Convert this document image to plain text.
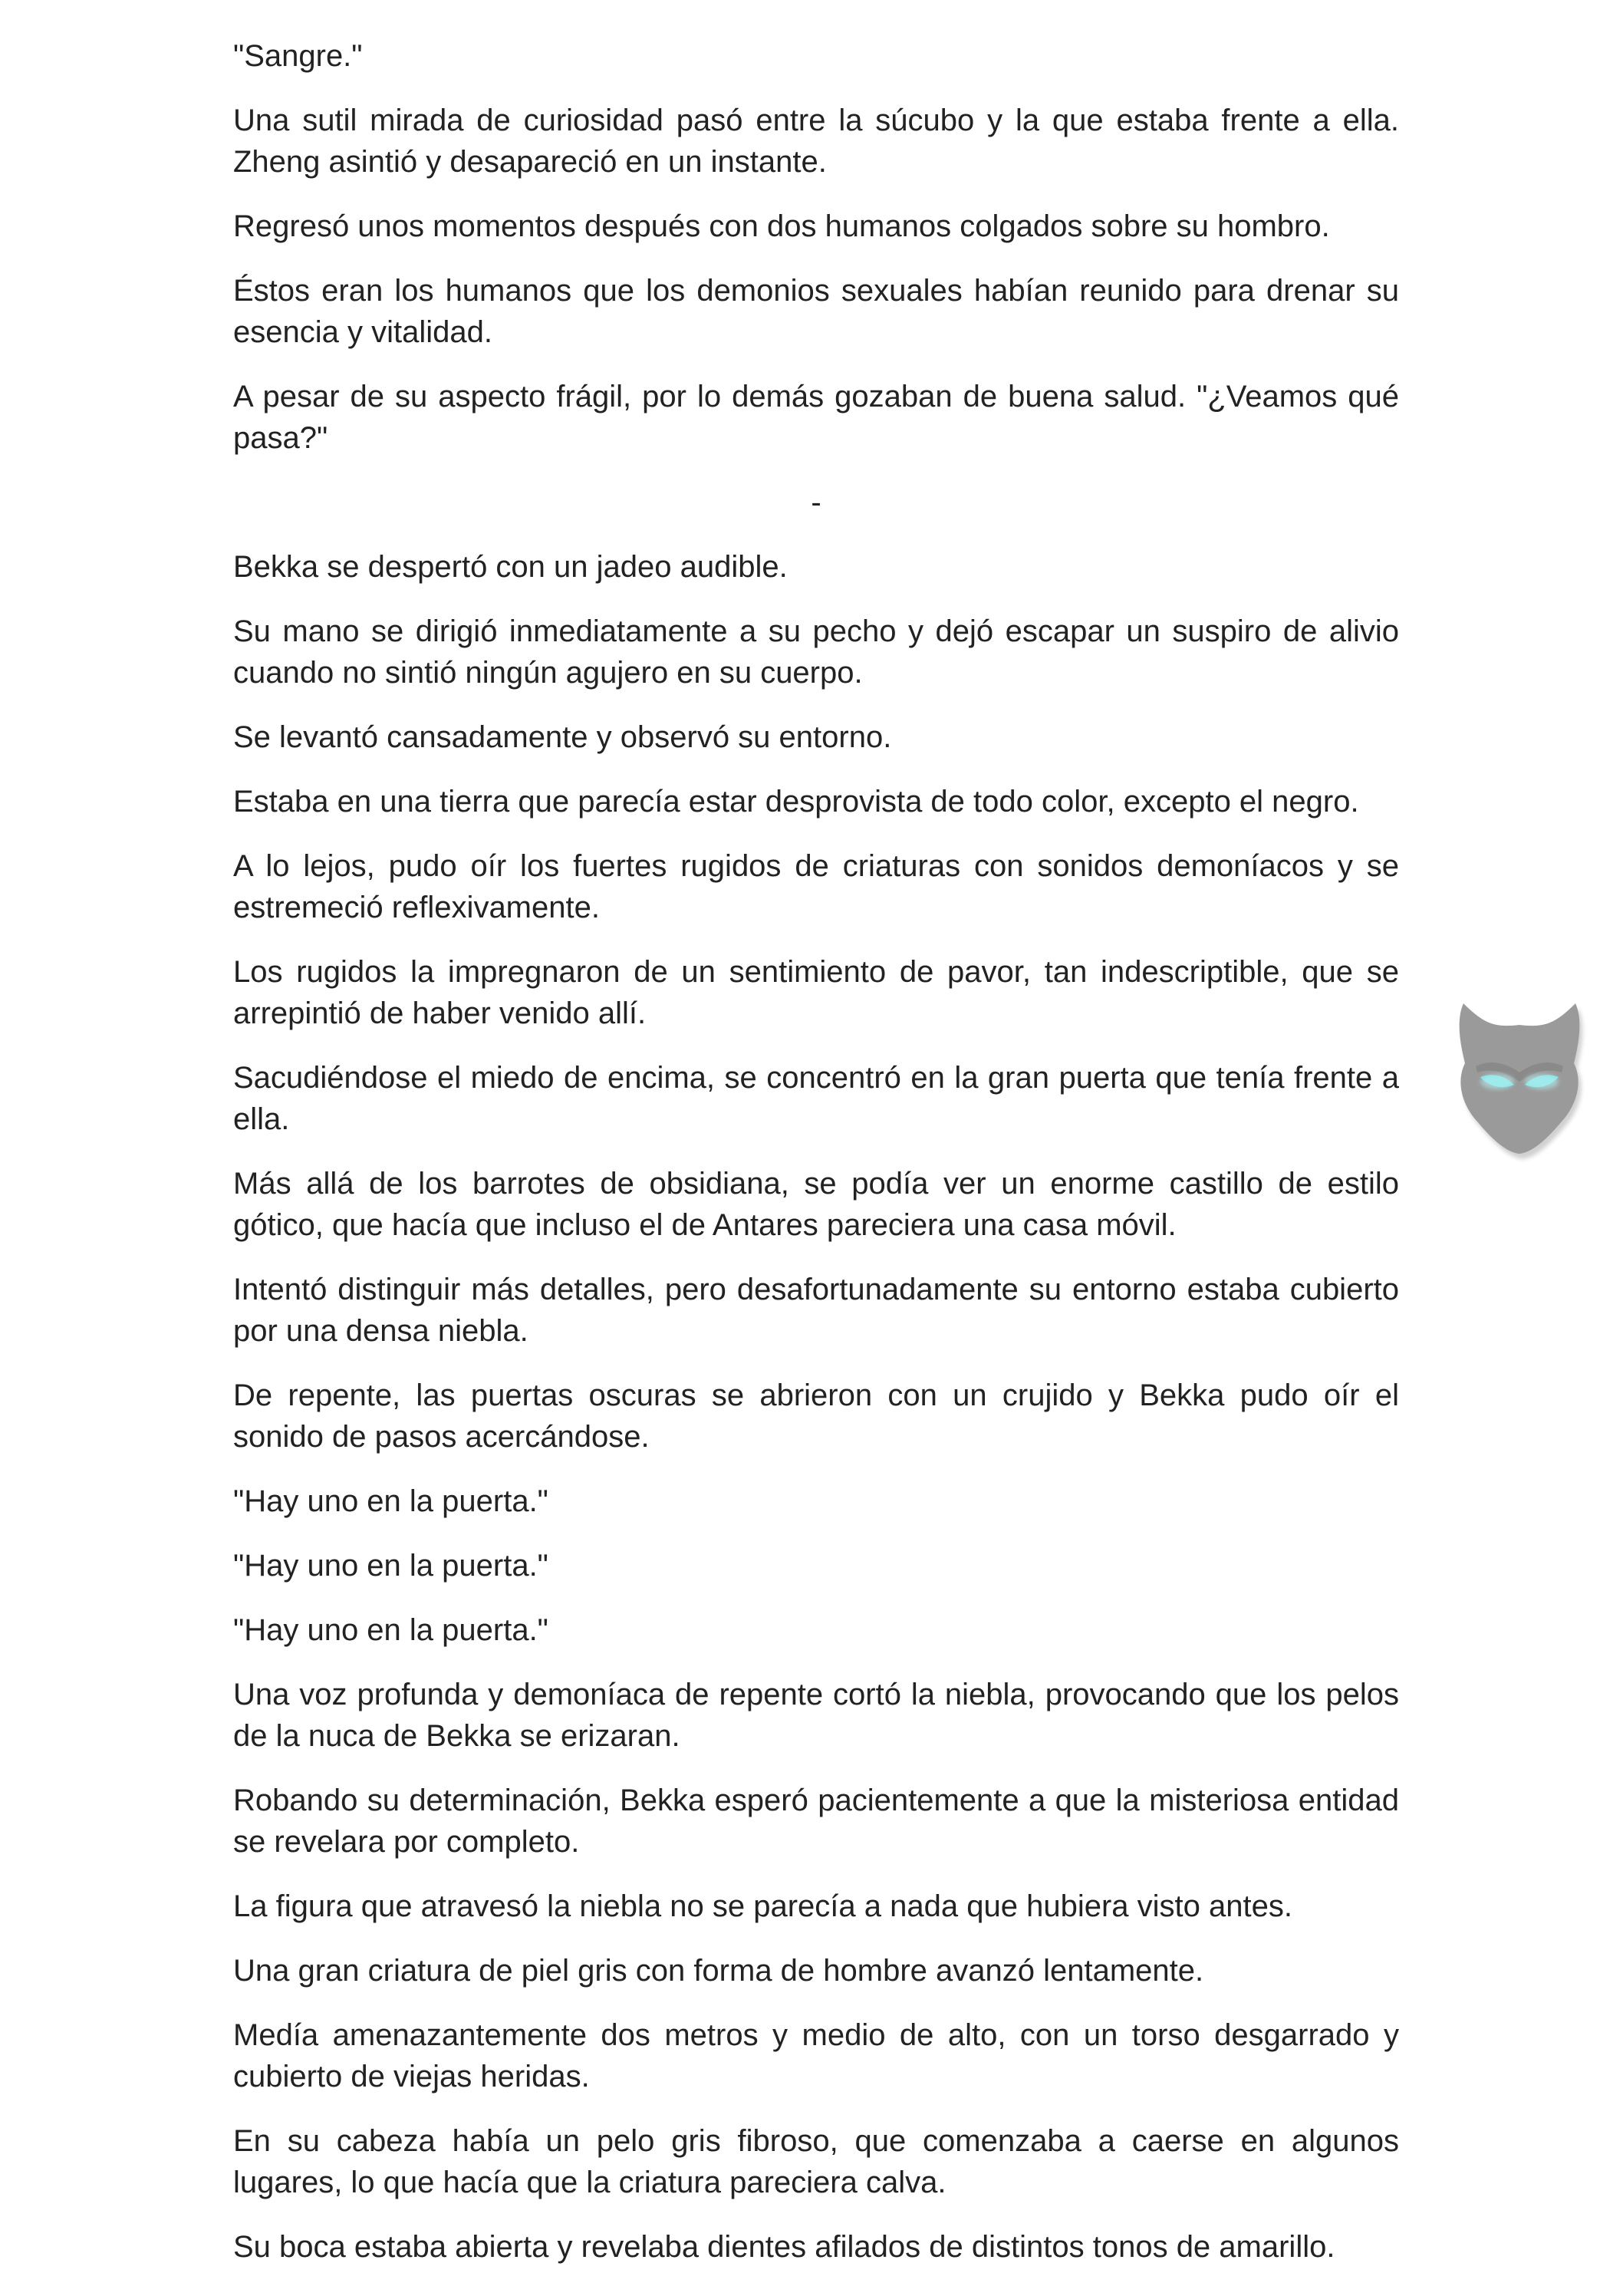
"Sangre."

Una sutil mirada de curiosidad pasó entre la súcubo y la que estaba frente a ella. Zheng asintió y desapareció en un instante.

Regresó unos momentos después con dos humanos colgados sobre su hombro.

Éstos eran los humanos que los demonios sexuales habían reunido para drenar su esencia y vitalidad.

A pesar de su aspecto frágil, por lo demás gozaban de buena salud. "¿Veamos qué pasa?"

-

Bekka se despertó con un jadeo audible.

Su mano se dirigió inmediatamente a su pecho y dejó escapar un suspiro de alivio cuando no sintió ningún agujero en su cuerpo.

Se levantó cansadamente y observó su entorno.

Estaba en una tierra que parecía estar desprovista de todo color, excepto el negro.

A lo lejos, pudo oír los fuertes rugidos de criaturas con sonidos demoníacos y se estremeció reflexivamente.

Los rugidos la impregnaron de un sentimiento de pavor, tan indescriptible, que se arrepintió de haber venido allí.

Sacudiéndose el miedo de encima, se concentró en la gran puerta que tenía frente a ella.

Más allá de los barrotes de obsidiana, se podía ver un enorme castillo de estilo gótico, que hacía que incluso el de Antares pareciera una casa móvil.

Intentó distinguir más detalles, pero desafortunadamente su entorno estaba cubierto por una densa niebla.

De repente, las puertas oscuras se abrieron con un crujido y Bekka pudo oír el sonido de pasos acercándose.

"Hay uno en la puerta."

"Hay uno en la puerta."

"Hay uno en la puerta."

Una voz profunda y demoníaca de repente cortó la niebla, provocando que los pelos de la nuca de Bekka se erizaran.

Robando su determinación, Bekka esperó pacientemente a que la misteriosa entidad se revelara por completo.

La figura que atravesó la niebla no se parecía a nada que hubiera visto antes.

Una gran criatura de piel gris con forma de hombre avanzó lentamente.

Medía amenazantemente dos metros y medio de alto, con un torso desgarrado y cubierto de viejas heridas.

En su cabeza había un pelo gris fibroso, que comenzaba a caerse en algunos lugares, lo que hacía que la criatura pareciera calva.

Su boca estaba abierta y revelaba dientes afilados de distintos tonos de amarillo.
